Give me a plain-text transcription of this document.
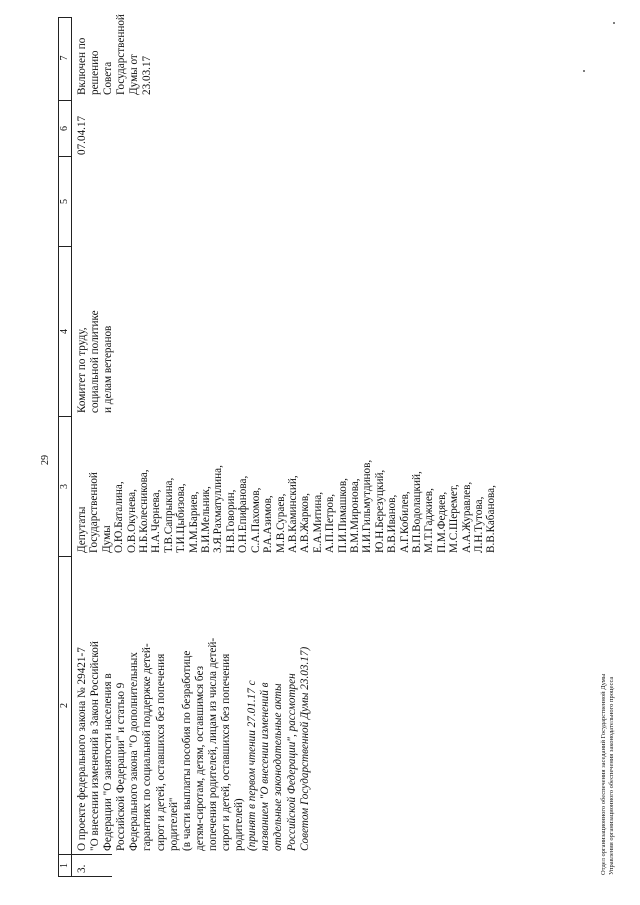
29
1
2
3
4
5
6
7
3.

О проекте федерального закона № 29421-7 "О внесении изменений в Закон Российской Федерации "О занятости населения в Российской Федерации" и статью 9 Федерального закона "О дополнительных гарантиях по социальной поддержке детей- сирот и детей, оставшихся без попечения родителей" (в части выплаты пособия по безработице детям-сиротам, детям, оставшимся без попечения родителей, лицам из числа детей- сирот и детей, оставшихся без попечения родителей) (принят в первом чтении 27.01.17 с названием "О внесении изменений в отдельные законодательные акты Российской Федерации", рассмотрен Советом Государственной Думы 23.03.17)

Депутаты Государственной Думы О.Ю.Баталина, О.В.Окунева, Н.Б.Колесникова, Н.А.Чернева, Т.В.Сапрыкина, Т.И.Цыбизова, М.М.Бариев, В.И.Мельник, З.Я.Рахматуллина, Н.В.Говорин, О.Н.Епифанова, С.А.Пахомов, Р.А.Азимов, М.В.Сураев, А.В.Каминский, А.В.Жарков, Е.А.Митина, А.П.Петров, П.И.Пимашков, В.М.Миронова, И.И.Гильмутдинов, Ю.Н.Березуцкий, В.В.Иванов, А.Г.Кобилев, В.П.Водолацкий, М.Т.Гаджиев, П.М.Федяев, М.С.Шеремет, А.А.Журавлев, Л.Н.Тутова, В.В.Кабанова,

Комитет по труду, социальной политике и делам ветеранов

07.04.17

Включен по решению Совета Государственной Думы от 23.03.17

Отдел организационного обеспечения заседаний Государственной Думы Управления организационного обеспечения законодательного процесса
